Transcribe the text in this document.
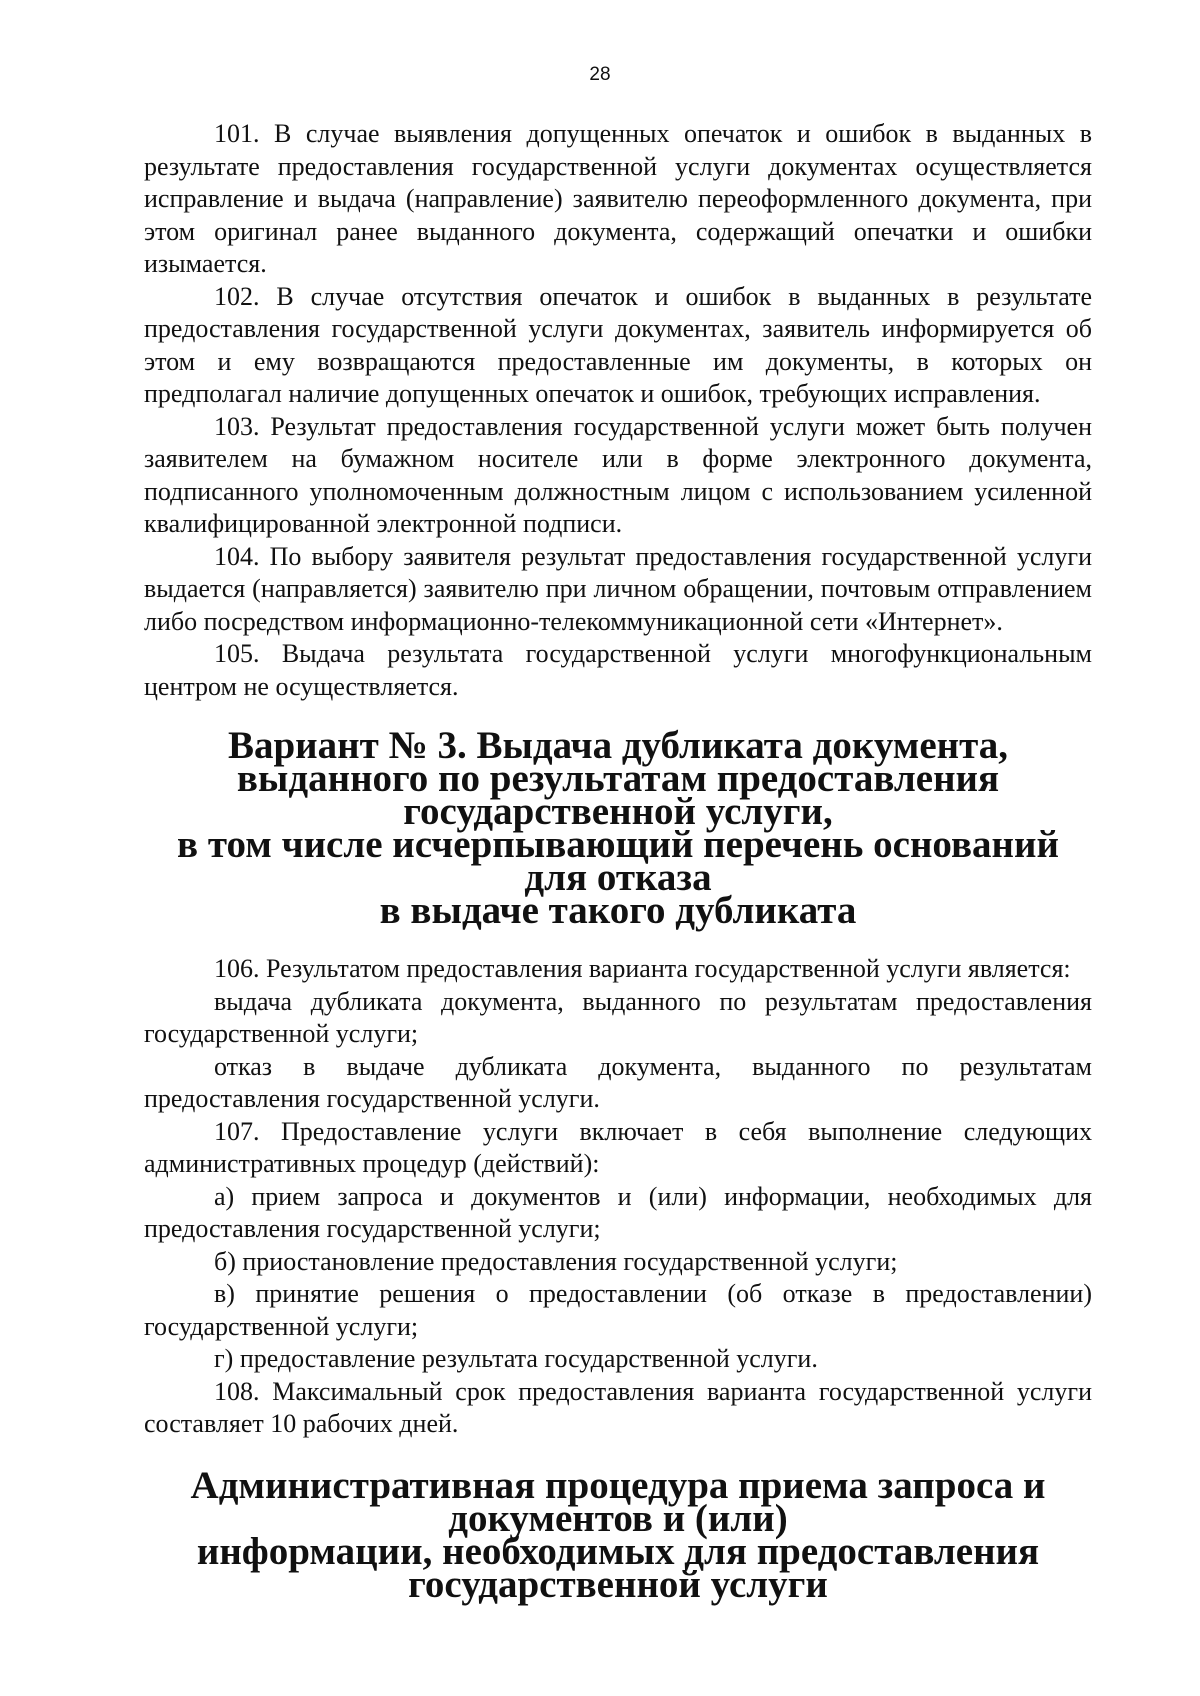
28

101. В случае выявления допущенных опечаток и ошибок в выданных в результате предоставления государственной услуги документах осуществляется исправление и выдача (направление) заявителю переоформленного документа, при этом оригинал ранее выданного документа, содержащий опечатки и ошибки изымается.

102. В случае отсутствия опечаток и ошибок в выданных в результате предоставления государственной услуги документах, заявитель информируется об этом и ему возвращаются предоставленные им документы, в которых он предполагал наличие допущенных опечаток и ошибок, требующих исправления.

103. Результат предоставления государственной услуги может быть получен заявителем на бумажном носителе или в форме электронного документа, подписанного уполномоченным должностным лицом с использованием усиленной квалифицированной электронной подписи.

104. По выбору заявителя результат предоставления государственной услуги выдается (направляется) заявителю при личном обращении, почтовым отправлением либо посредством информационно-телекоммуникационной сети «Интернет».

105. Выдача результата государственной услуги многофункциональным центром не осуществляется.

Вариант № 3. Выдача дубликата документа,
выданного по результатам предоставления государственной услуги,
в том числе исчерпывающий перечень оснований для отказа
в выдаче такого дубликата

106. Результатом предоставления варианта государственной услуги является:

выдача дубликата документа, выданного по результатам предоставления государственной услуги;

отказ в выдаче дубликата документа, выданного по результатам предоставления государственной услуги.

107. Предоставление услуги включает в себя выполнение следующих административных процедур (действий):

а) прием запроса и документов и (или) информации, необходимых для предоставления государственной услуги;

б) приостановление предоставления государственной услуги;

в) принятие решения о предоставлении (об отказе в предоставлении) государственной услуги;

г) предоставление результата государственной услуги.

108. Максимальный срок предоставления варианта государственной услуги составляет 10 рабочих дней.

Административная процедура приема запроса и документов и (или)
информации, необходимых для предоставления государственной услуги
